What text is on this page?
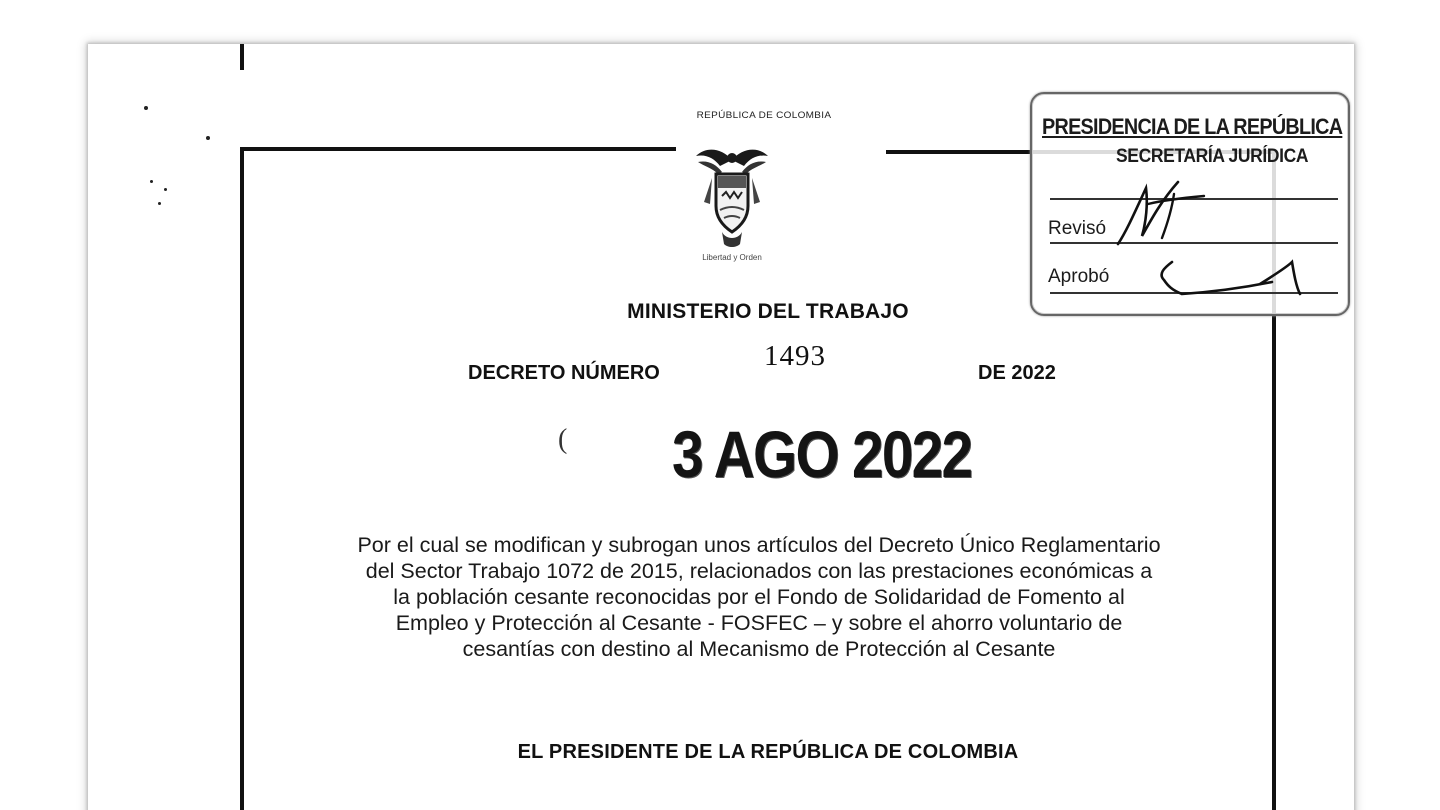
REPÚBLICA DE COLOMBIA
Libertad y Orden
MINISTERIO DEL TRABAJO
DECRETO NÚMERO
1493
DE 2022
( 3 AGO 2022
Por el cual se modifican y subrogan unos artículos del Decreto Único Reglamentario
del Sector Trabajo 1072 de 2015, relacionados con las prestaciones económicas a
la población cesante reconocidas por el Fondo de Solidaridad de Fomento al
Empleo y Protección al Cesante - FOSFEC – y sobre el ahorro voluntario de
cesantías con destino al Mecanismo de Protección al Cesante
EL PRESIDENTE DE LA REPÚBLICA DE COLOMBIA
PRESIDENCIA DE LA REPÚBLICA
SECRETARÍA JURÍDICA
Revisó
Aprobó
